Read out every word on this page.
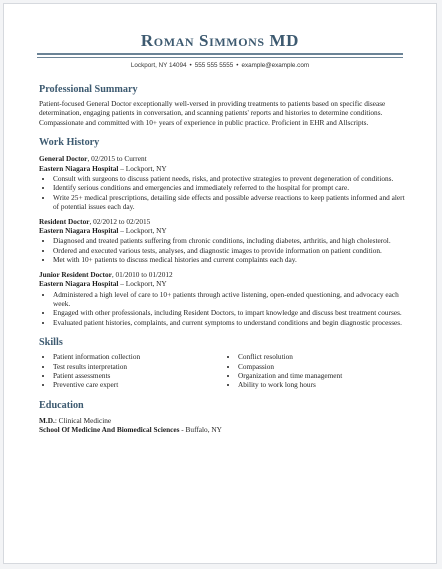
Roman Simmons MD
Lockport, NY 14094 • 555 555 5555 • example@example.com
Professional Summary

Patient-focused General Doctor exceptionally well-versed in providing treatments to patients based on specific disease determination, engaging patients in conversation, and scanning patients' reports and histories to determine conditions. Compassionate and committed with 10+ years of experience in public practice. Proficient in EHR and Allscripts.

Work History
General Doctor, 02/2015 to Current
Eastern Niagara Hospital – Lockport, NY
• Consult with surgeons to discuss patient needs, risks, and protective strategies to prevent degeneration of conditions.
• Identify serious conditions and emergencies and immediately referred to the hospital for prompt care.
• Write 25+ medical prescriptions, detailing side effects and possible adverse reactions to keep patients informed and alert of potential issues each day.
Resident Doctor, 02/2012 to 02/2015
Eastern Niagara Hospital – Lockport, NY
• Diagnosed and treated patients suffering from chronic conditions, including diabetes, arthritis, and high cholesterol.
• Ordered and executed various tests, analyses, and diagnostic images to provide information on patient condition.
• Met with 10+ patients to discuss medical histories and current complaints each day.
Junior Resident Doctor, 01/2010 to 01/2012
Eastern Niagara Hospital – Lockport, NY
• Administered a high level of care to 10+ patients through active listening, open-ended questioning, and advocacy each week.
• Engaged with other professionals, including Resident Doctors, to impart knowledge and discuss best treatment courses.
• Evaluated patient histories, complaints, and current symptoms to understand conditions and begin diagnostic processes.
Skills
• Patient information collection
• Test results interpretation
• Patient assessments
• Preventive care expert
• Conflict resolution
• Compassion
• Organization and time management
• Ability to work long hours
Education
M.D.: Clinical Medicine
School Of Medicine And Biomedical Sciences - Buffalo, NY
